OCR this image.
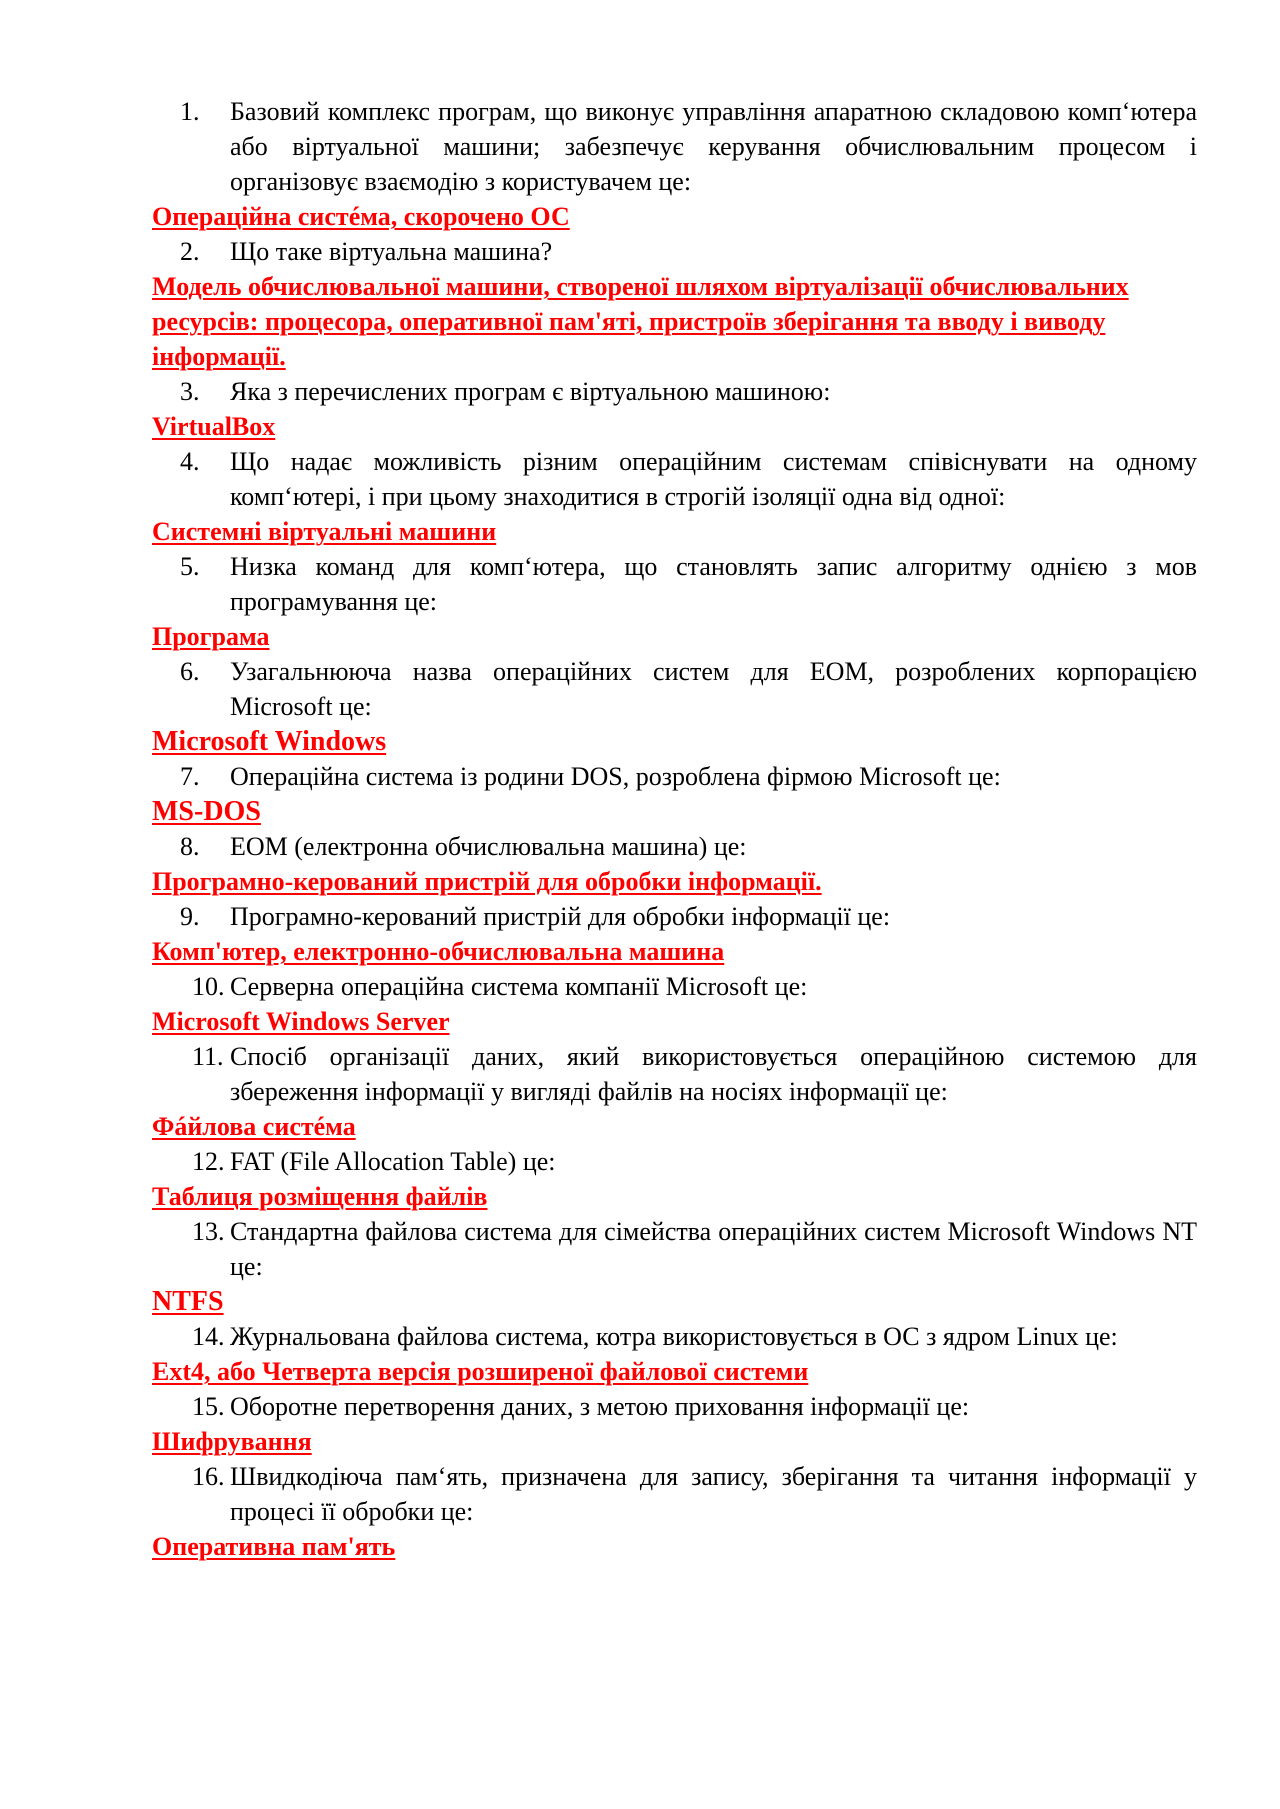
1. Базовий комплекс програм, що виконує управління апаратною складовою комп‘ютера або віртуальної машини; забезпечує керування обчислювальним процесом і організовує взаємодію з користувачем це:
Операційна систéма, скорочено ОС
2. Що таке віртуальна машина?
Модель обчислювальної машини, створеної шляхом віртуалізації обчислювальних ресурсів: процесора, оперативної пам'яті, пристроїв зберігання та вводу і виводу інформації.
3. Яка з перечислених програм є віртуальною машиною:
VirtualBox
4. Що надає можливість різним операційним системам співіснувати на одному комп‘ютері, і при цьому знаходитися в строгій ізоляції одна від одної:
Системні віртуальні машини
5. Низка команд для комп‘ютера, що становлять запис алгоритму однією з мов програмування це:
Програма
6. Узагальнююча назва операційних систем для ЕОМ, розроблених корпорацією Microsoft це:
Microsoft Windows
7. Операційна система із родини DOS, розроблена фірмою Microsoft це:
MS-DOS
8. ЕОМ (електронна обчислювальна машина) це:
Програмно-керований пристрій для обробки інформації.
9. Програмно-керований пристрій для обробки інформації це:
Комп'ютер, електронно-обчислювальна машина
10. Серверна операційна система компанії Microsoft це:
Microsoft Windows Server
11. Спосіб організації даних, який використовується операційною системою для збереження інформації у вигляді файлів на носіях інформації це:
Фáйлова систéма
12. FAT (File Allocation Table) це:
Таблиця розміщення файлів
13. Стандартна файлова система для сімейства операційних систем Microsoft Windows NT це:
NTFS
14. Журнальована файлова система, котра використовується в ОС з ядром Linux це:
Ext4, або Четверта версія розширеної файлової системи
15. Оборотне перетворення даних, з метою приховання інформації це:
Шифрування
16. Швидкодіюча пам‘ять, призначена для запису, зберігання та читання інформації у процесі її обробки це:
Оперативна пам'ять
